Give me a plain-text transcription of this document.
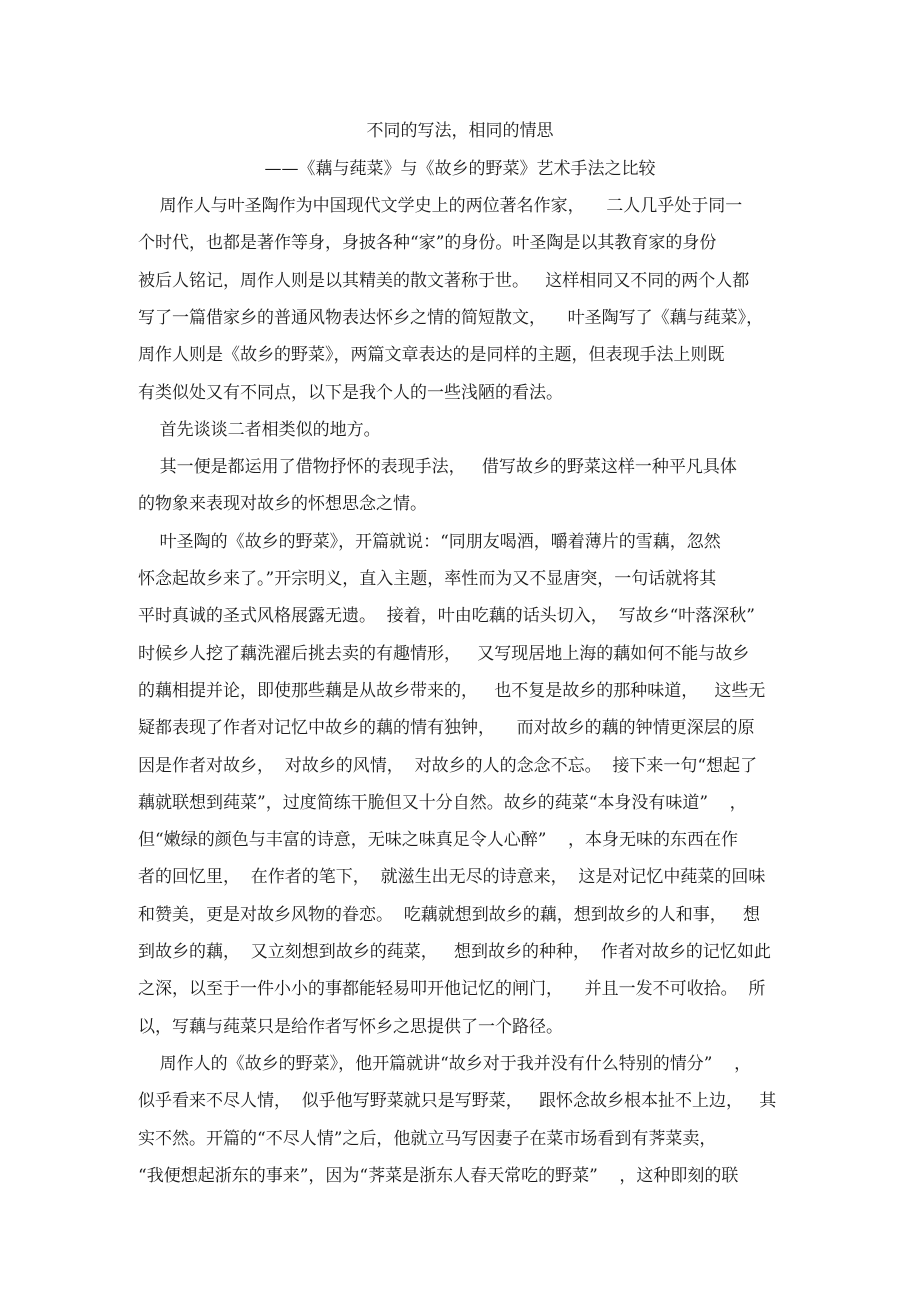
不同的写法，相同的情思
——《藕与莼菜》与《故乡的野菜》艺术手法之比较
周作人与叶圣陶作为中国现代文学史上的两位著名作家，    二人几乎处于同一
个时代，也都是著作等身，身披各种“家”的身份。叶圣陶是以其教育家的身份
被后人铭记，周作人则是以其精美的散文著称于世。   这样相同又不同的两个人都
写了一篇借家乡的普通风物表达怀乡之情的简短散文，    叶圣陶写了《藕与莼菜》，
周作人则是《故乡的野菜》，两篇文章表达的是同样的主题，但表现手法上则既
有类似处又有不同点，以下是我个人的一些浅陋的看法。
首先谈谈二者相类似的地方。
其一便是都运用了借物抒怀的表现手法，   借写故乡的野菜这样一种平凡具体
的物象来表现对故乡的怀想思念之情。
叶圣陶的《故乡的野菜》，开篇就说：“同朋友喝酒，嚼着薄片的雪藕，忽然
怀念起故乡来了。”开宗明义，直入主题，率性而为又不显唐突，一句话就将其
平时真诚的圣式风格展露无遗。  接着，叶由吃藕的话头切入，  写故乡“叶落深秋”
时候乡人挖了藕洗濯后挑去卖的有趣情形，   又写现居地上海的藕如何不能与故乡
的藕相提并论，即使那些藕是从故乡带来的，   也不复是故乡的那种味道，   这些无
疑都表现了作者对记忆中故乡的藕的情有独钟，    而对故乡的藕的钟情更深层的原
因是作者对故乡，  对故乡的风情，  对故乡的人的念念不忘。  接下来一句“想起了
藕就联想到莼菜”，过度简练干脆但又十分自然。故乡的莼菜“本身没有味道”    ，
但“嫩绿的颜色与丰富的诗意，无味之味真足令人心醉”    ，本身无味的东西在作
者的回忆里，  在作者的笔下，  就滋生出无尽的诗意来，  这是对记忆中莼菜的回味
和赞美，更是对故乡风物的眷恋。  吃藕就想到故乡的藕，想到故乡的人和事，   想
到故乡的藕，  又立刻想到故乡的莼菜，   想到故乡的种种，  作者对故乡的记忆如此
之深，以至于一件小小的事都能轻易叩开他记忆的闸门，    并且一发不可收拾。  所
以，写藕与莼菜只是给作者写怀乡之思提供了一个路径。
周作人的《故乡的野菜》，他开篇就讲“故乡对于我并没有什么特别的情分”    ，
似乎看来不尽人情，  似乎他写野菜就只是写野菜，   跟怀念故乡根本扯不上边，   其
实不然。开篇的“不尽人情”之后，他就立马写因妻子在菜市场看到有荠菜卖，
“我便想起浙东的事来”，因为“荠菜是浙东人春天常吃的野菜”    ，这种即刻的联
